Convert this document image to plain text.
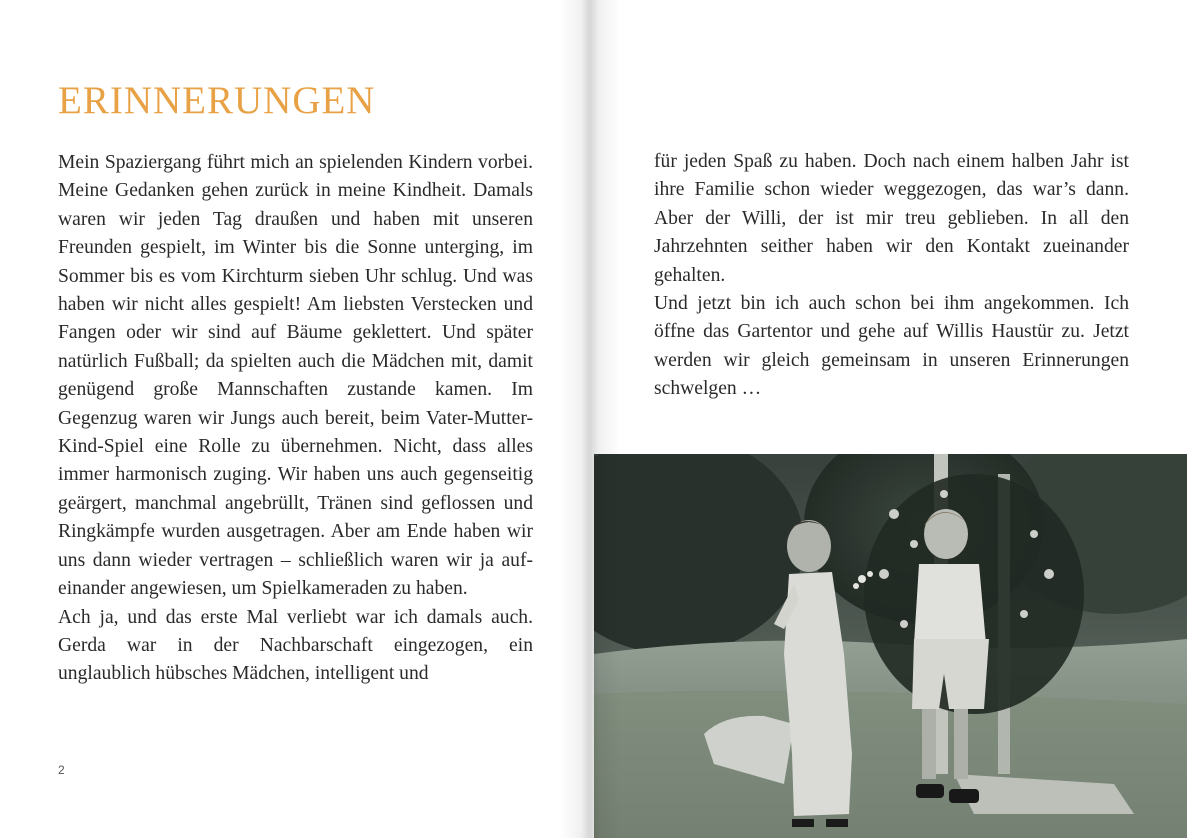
ERINNERUNGEN

Mein Spaziergang führt mich an spielenden Kindern vorbei. Meine Gedanken gehen zurück in meine Kindheit. Damals waren wir jeden Tag draußen und haben mit unseren Freunden gespielt, im Winter bis die Sonne unterging, im Sommer bis es vom Kirchturm sieben Uhr schlug. Und was haben wir nicht alles gespielt! Am liebsten Verstecken und Fangen oder wir sind auf Bäume geklettert. Und später natürlich Fußball; da spielten auch die Mädchen mit, damit genügend große Mannschaften zustande kamen. Im Gegenzug waren wir Jungs auch bereit, beim Vater-Mutter-Kind-Spiel eine Rolle zu übernehmen. Nicht, dass alles immer harmonisch zuging. Wir haben uns auch gegenseitig geärgert, manchmal angebrüllt, Tränen sind geflossen und Ringkämpfe wurden ausgetragen. Aber am Ende haben wir uns dann wieder vertragen – schließlich waren wir ja aufeinander angewiesen, um Spielkameraden zu haben.

Ach ja, und das erste Mal verliebt war ich damals auch. Gerda war in der Nachbarschaft eingezogen, ein unglaublich hübsches Mädchen, intelligent und

2

für jeden Spaß zu haben. Doch nach einem halben Jahr ist ihre Familie schon wieder weggezogen, das war’s dann. Aber der Willi, der ist mir treu geblieben. In all den Jahrzehnten seither haben wir den Kontakt zueinander gehalten.

Und jetzt bin ich auch schon bei ihm angekommen. Ich öffne das Gartentor und gehe auf Willis Haustür zu. Jetzt werden wir gleich gemeinsam in unseren Erinnerungen schwelgen …
